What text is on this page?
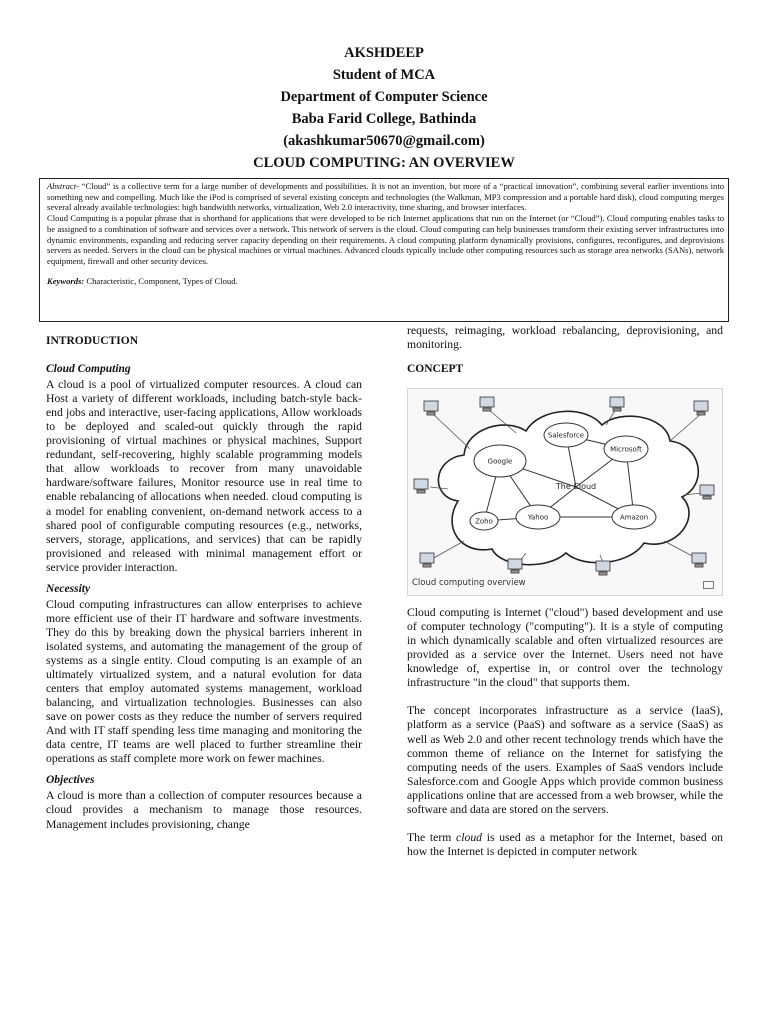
AKSHDEEP
Student of MCA
Department of Computer Science
Baba Farid College, Bathinda
(akashkumar50670@gmail.com)
CLOUD COMPUTING: AN OVERVIEW

Abstract- “Cloud” is a collective term for a large number of developments and possibilities. It is not an invention, but more of a “practical innovation”, combining several earlier inventions into something new and compelling. Much like the iPod is comprised of several existing concepts and technologies (the Walkman, MP3 compression and a portable hard disk), cloud computing merges several already available technologies: high bandwidth networks, virtualization, Web 2.0 interactivity, time sharing, and browser interfaces.

Cloud Computing is a popular phrase that is shorthand for applications that were developed to be rich Internet applications that run on the Internet (or “Cloud”). Cloud computing enables tasks to be assigned to a combination of software and services over a network. This network of servers is the cloud. Cloud computing can help businesses transform their existing server infrastructures into dynamic environments, expanding and reducing server capacity depending on their requirements. A cloud computing platform dynamically provisions, configures, reconfigures, and deprovisions servers as needed. Servers in the cloud can be physical machines or virtual machines. Advanced clouds typically include other computing resources such as storage area networks (SANs), network equipment, firewall and other security devices.

Keywords: Characteristic, Component, Types of Cloud.

INTRODUCTION

Cloud Computing

A cloud is a pool of virtualized computer resources. A cloud can Host a variety of different workloads, including batch-style back-end jobs and interactive, user-facing applications, Allow workloads to be deployed and scaled-out quickly through the rapid provisioning of virtual machines or physical machines, Support redundant, self-recovering, highly scalable programming models that allow workloads to recover from many unavoidable hardware/software failures, Monitor resource use in real time to enable rebalancing of allocations when needed. cloud computing is a model for enabling convenient, on-demand network access to a shared pool of configurable computing resources (e.g., networks, servers, storage, applications, and services) that can be rapidly provisioned and released with minimal management effort or service provider interaction.

Necessity

Cloud computing infrastructures can allow enterprises to achieve more efficient use of their IT hardware and software investments. They do this by breaking down the physical barriers inherent in isolated systems, and automating the management of the group of systems as a single entity. Cloud computing is an example of an ultimately virtualized system, and a natural evolution for data centers that employ automated systems management, workload balancing, and virtualization technologies. Businesses can also save on power costs as they reduce the number of servers required And with IT staff spending less time managing and monitoring the data centre, IT teams are well placed to further streamline their operations as staff complete more work on fewer machines.

Objectives

A cloud is more than a collection of computer resources because a cloud provides a mechanism to manage those resources. Management includes provisioning, change

requests, reimaging, workload rebalancing, deprovisioning, and monitoring.

CONCEPT

Salesforce
Microsoft
Google
The Cloud
Yahoo	Amazon
Zoho
Cloud computing overview

Cloud computing is Internet ("cloud") based development and use of computer technology ("computing"). It is a style of computing in which dynamically scalable and often virtualized resources are provided as a service over the Internet. Users need not have knowledge of, expertise in, or control over the technology infrastructure "in the cloud" that supports them.

The concept incorporates infrastructure as a service (IaaS), platform as a service (PaaS) and software as a service (SaaS) as well as Web 2.0 and other recent technology trends which have the common theme of reliance on the Internet for satisfying the computing needs of the users. Examples of SaaS vendors include Salesforce.com and Google Apps which provide common business applications online that are accessed from a web browser, while the software and data are stored on the servers.

The term cloud is used as a metaphor for the Internet, based on how the Internet is depicted in computer network
